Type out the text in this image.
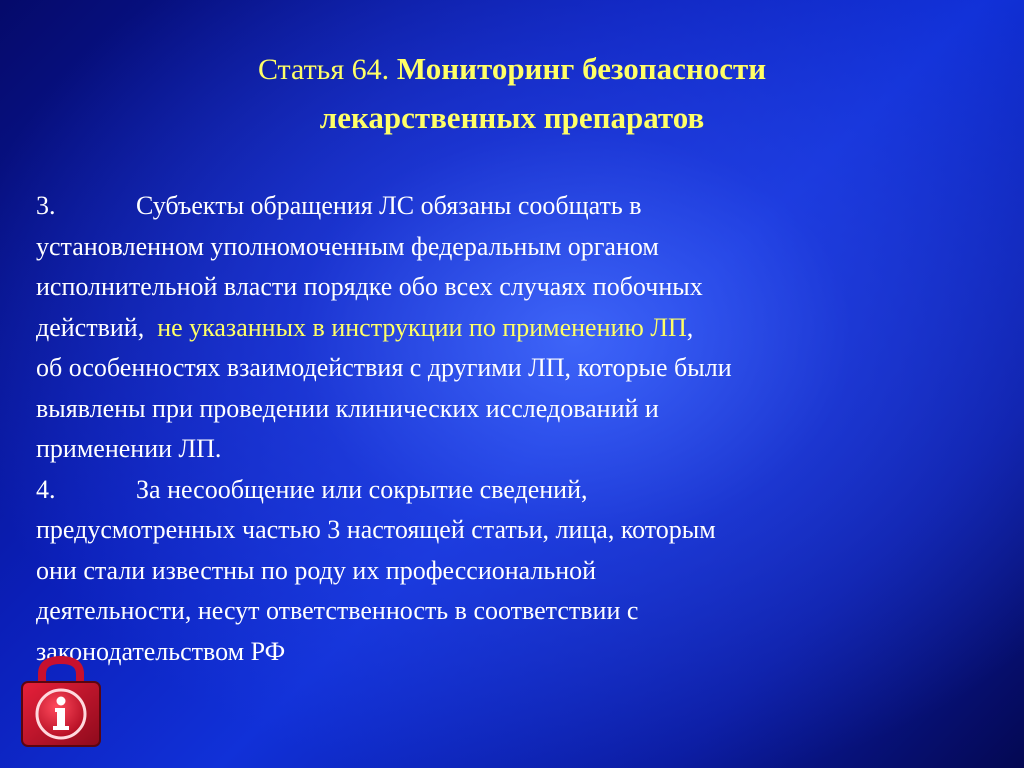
Статья 64. Мониторинг безопасности
лекарственных препаратов
3.	Субъекты обращения ЛС обязаны сообщать в
установленном уполномоченным федеральным органом
исполнительной власти порядке обо всех случаях побочных
действий,  не указанных в инструкции по применению ЛП,
об особенностях взаимодействия с другими ЛП, которые были
выявлены при проведении клинических исследований и
применении ЛП.
4.	За несообщение или сокрытие сведений,
предусмотренных частью 3 настоящей статьи, лица, которым
они стали известны по роду их профессиональной
деятельности, несут ответственность в соответствии с
законодательством РФ
